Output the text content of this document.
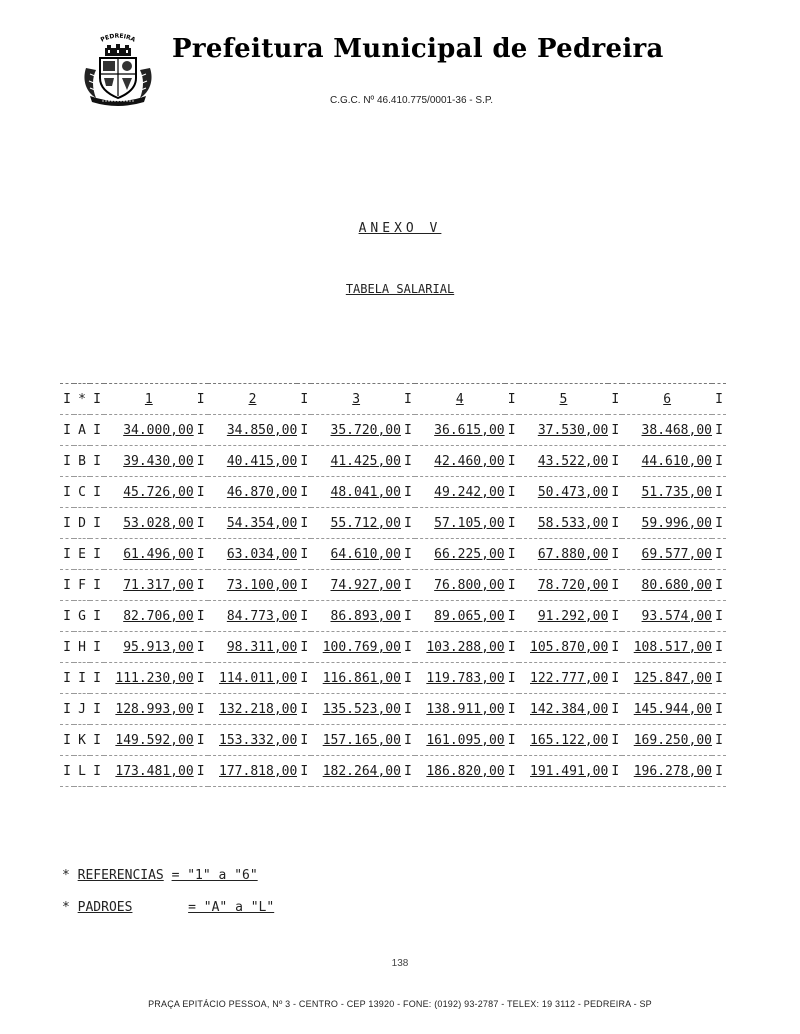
PEDREIRA Prefeitura Municipal de Pedreira
C.G.C. Nº 46.410.775/0001-36 - S.P.
ANEXO V
TABELA SALARIAL
I	*	I	1	I	2	I	3	I	4	I	5	I	6	I
I	A	I	34.000,00	I	34.850,00	I	35.720,00	I	36.615,00	I	37.530,00	I	38.468,00	I
I	B	I	39.430,00	I	40.415,00	I	41.425,00	I	42.460,00	I	43.522,00	I	44.610,00	I
I	C	I	45.726,00	I	46.870,00	I	48.041,00	I	49.242,00	I	50.473,00	I	51.735,00	I
I	D	I	53.028,00	I	54.354,00	I	55.712,00	I	57.105,00	I	58.533,00	I	59.996,00	I
I	E	I	61.496,00	I	63.034,00	I	64.610,00	I	66.225,00	I	67.880,00	I	69.577,00	I
I	F	I	71.317,00	I	73.100,00	I	74.927,00	I	76.800,00	I	78.720,00	I	80.680,00	I
I	G	I	82.706,00	I	84.773,00	I	86.893,00	I	89.065,00	I	91.292,00	I	93.574,00	I
I	H	I	95.913,00	I	98.311,00	I	100.769,00	I	103.288,00	I	105.870,00	I	108.517,00	I
I	I	I	111.230,00	I	114.011,00	I	116.861,00	I	119.783,00	I	122.777,00	I	125.847,00	I
I	J	I	128.993,00	I	132.218,00	I	135.523,00	I	138.911,00	I	142.384,00	I	145.944,00	I
I	K	I	149.592,00	I	153.332,00	I	157.165,00	I	161.095,00	I	165.122,00	I	169.250,00	I
I	L	I	173.481,00	I	177.818,00	I	182.264,00	I	186.820,00	I	191.491,00	I	196.278,00	I
* REFERENCIAS = "1" a "6"
* PADROES	= "A" a "L"
138
PRAÇA EPITÁCIO PESSOA, Nº 3 - CENTRO - CEP 13920 - FONE: (0192) 93-2787 - TELEX: 19 3112 - PEDREIRA - SP
